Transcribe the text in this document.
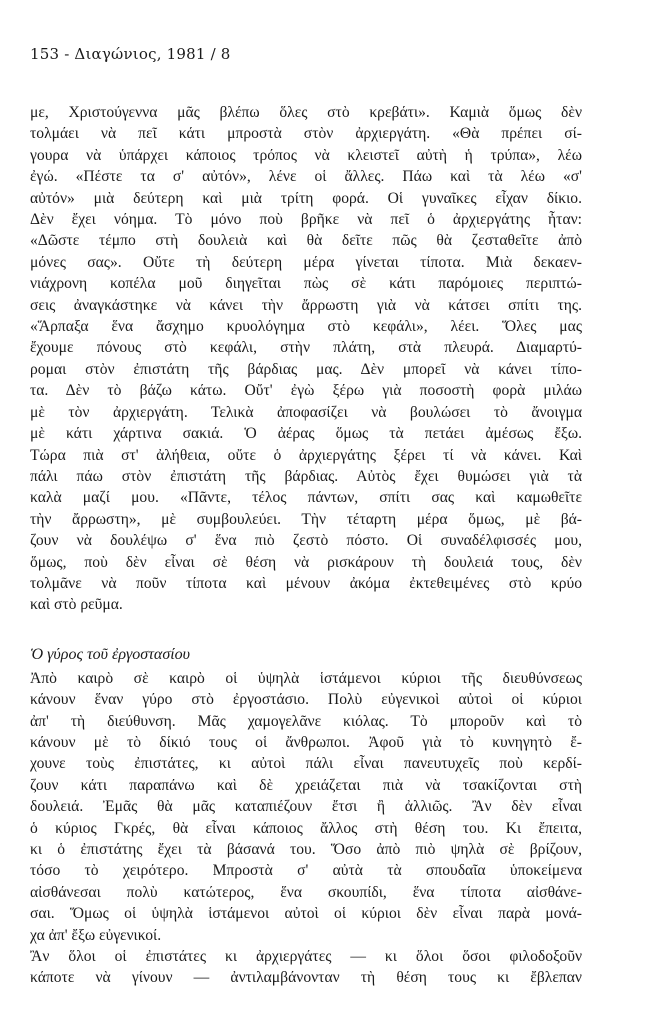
153 - Διαγώνιος, 1981 / 8
με, Χριστούγεννα μᾶς βλέπω ὅλες στὸ κρεβάτι». Καμιὰ ὅμως δὲν
τολμάει νὰ πεῖ κάτι μπροστὰ στὸν ἀρχιεργάτη. «Θὰ πρέπει σί-
γουρα νὰ ὑπάρχει κάποιος τρόπος νὰ κλειστεῖ αὐτὴ ἡ τρύπα», λέω
ἐγώ. «Πέστε τα σ' αὐτόν», λένε οἱ ἄλλες. Πάω καὶ τὰ λέω «σ'
αὐτόν» μιὰ δεύτερη καὶ μιὰ τρίτη φορά. Οἱ γυναῖκες εἶχαν δίκιο.
Δὲν ἔχει νόημα. Τὸ μόνο ποὺ βρῆκε νὰ πεῖ ὁ ἀρχιεργάτης ἦταν:
«Δῶστε τέμπο στὴ δουλειὰ καὶ θὰ δεῖτε πῶς θὰ ζεσταθεῖτε ἀπὸ
μόνες σας». Οὔτε τὴ δεύτερη μέρα γίνεται τίποτα. Μιὰ δεκαεν-
νιάχρονη κοπέλα μοῦ διηγεῖται πὼς σὲ κάτι παρόμοιες περιπτώ-
σεις ἀναγκάστηκε νὰ κάνει τὴν ἄρρωστη γιὰ νὰ κάτσει σπίτι της.
«Ἅρπαξα ἕνα ἄσχημο κρυολόγημα στὸ κεφάλι», λέει. Ὅλες μας
ἔχουμε πόνους στὸ κεφάλι, στὴν πλάτη, στὰ πλευρά. Διαμαρτύ-
ρομαι στὸν ἐπιστάτη τῆς βάρδιας μας. Δὲν μπορεῖ νὰ κάνει τίπο-
τα. Δὲν τὸ βάζω κάτω. Οὔτ' ἐγὼ ξέρω γιὰ ποσοστὴ φορὰ μιλάω
μὲ τὸν ἀρχιεργάτη. Τελικὰ ἀποφασίζει νὰ βουλώσει τὸ ἄνοιγμα
μὲ κάτι χάρτινα σακιά. Ὁ ἀέρας ὅμως τὰ πετάει ἀμέσως ἔξω.
Τώρα πιὰ στ' ἀλήθεια, οὔτε ὁ ἀρχιεργάτης ξέρει τί νὰ κάνει. Καὶ
πάλι πάω στὸν ἐπιστάτη τῆς βάρδιας. Αὐτὸς ἔχει θυμώσει γιὰ τὰ
καλὰ μαζί μου. «Πᾶντε, τέλος πάντων, σπίτι σας καὶ καμωθεῖτε
τὴν ἄρρωστη», μὲ συμβουλεύει. Τὴν τέταρτη μέρα ὅμως, μὲ βά-
ζουν νὰ δουλέψω σ' ἕνα πιὸ ζεστὸ πόστο. Οἱ συναδέλφισσές μου,
ὅμως, ποὺ δὲν εἶναι σὲ θέση νὰ ρισκάρουν τὴ δουλειά τους, δὲν
τολμᾶνε νὰ ποῦν τίποτα καὶ μένουν ἀκόμα ἐκτεθειμένες στὸ κρύο
καὶ στὸ ρεῦμα.
Ὁ γύρος τοῦ ἐργοστασίου
Ἀπὸ καιρὸ σὲ καιρὸ οἱ ὑψηλὰ ἱστάμενοι κύριοι τῆς διευθύνσεως
κάνουν ἕναν γύρο στὸ ἐργοστάσιο. Πολὺ εὐγενικοὶ αὐτοὶ οἱ κύριοι
ἀπ' τὴ διεύθυνση. Μᾶς χαμογελᾶνε κιόλας. Τὸ μποροῦν καὶ τὸ
κάνουν μὲ τὸ δίκιό τους οἱ ἄνθρωποι. Ἀφοῦ γιὰ τὸ κυνηγητὸ ἔ-
χουνε τοὺς ἐπιστάτες, κι αὐτοὶ πάλι εἶναι πανευτυχεῖς ποὺ κερδί-
ζουν κάτι παραπάνω καὶ δὲ χρειάζεται πιὰ νὰ τσακίζονται στὴ
δουλειά. Ἐμᾶς θὰ μᾶς καταπιέζουν ἔτσι ἢ ἀλλιῶς. Ἂν δὲν εἶναι
ὁ κύριος Γκρές, θὰ εἶναι κάποιος ἄλλος στὴ θέση του. Κι ἔπειτα,
κι ὁ ἐπιστάτης ἔχει τὰ βάσανά του. Ὅσο ἀπὸ πιὸ ψηλὰ σὲ βρίζουν,
τόσο τὸ χειρότερο. Μπροστὰ σ' αὐτὰ τὰ σπουδαῖα ὑποκείμενα
αἰσθάνεσαι πολὺ κατώτερος, ἕνα σκουπίδι, ἕνα τίποτα αἰσθάνε-
σαι. Ὅμως οἱ ὑψηλὰ ἱστάμενοι αὐτοὶ οἱ κύριοι δὲν εἶναι παρὰ μονά-
χα ἀπ' ἔξω εὐγενικοί.
Ἂν ὅλοι οἱ ἐπιστάτες κι ἀρχιεργάτες — κι ὅλοι ὅσοι φιλοδοξοῦν
κάποτε νὰ γίνουν — ἀντιλαμβάνονταν τὴ θέση τους κι ἔβλεπαν
